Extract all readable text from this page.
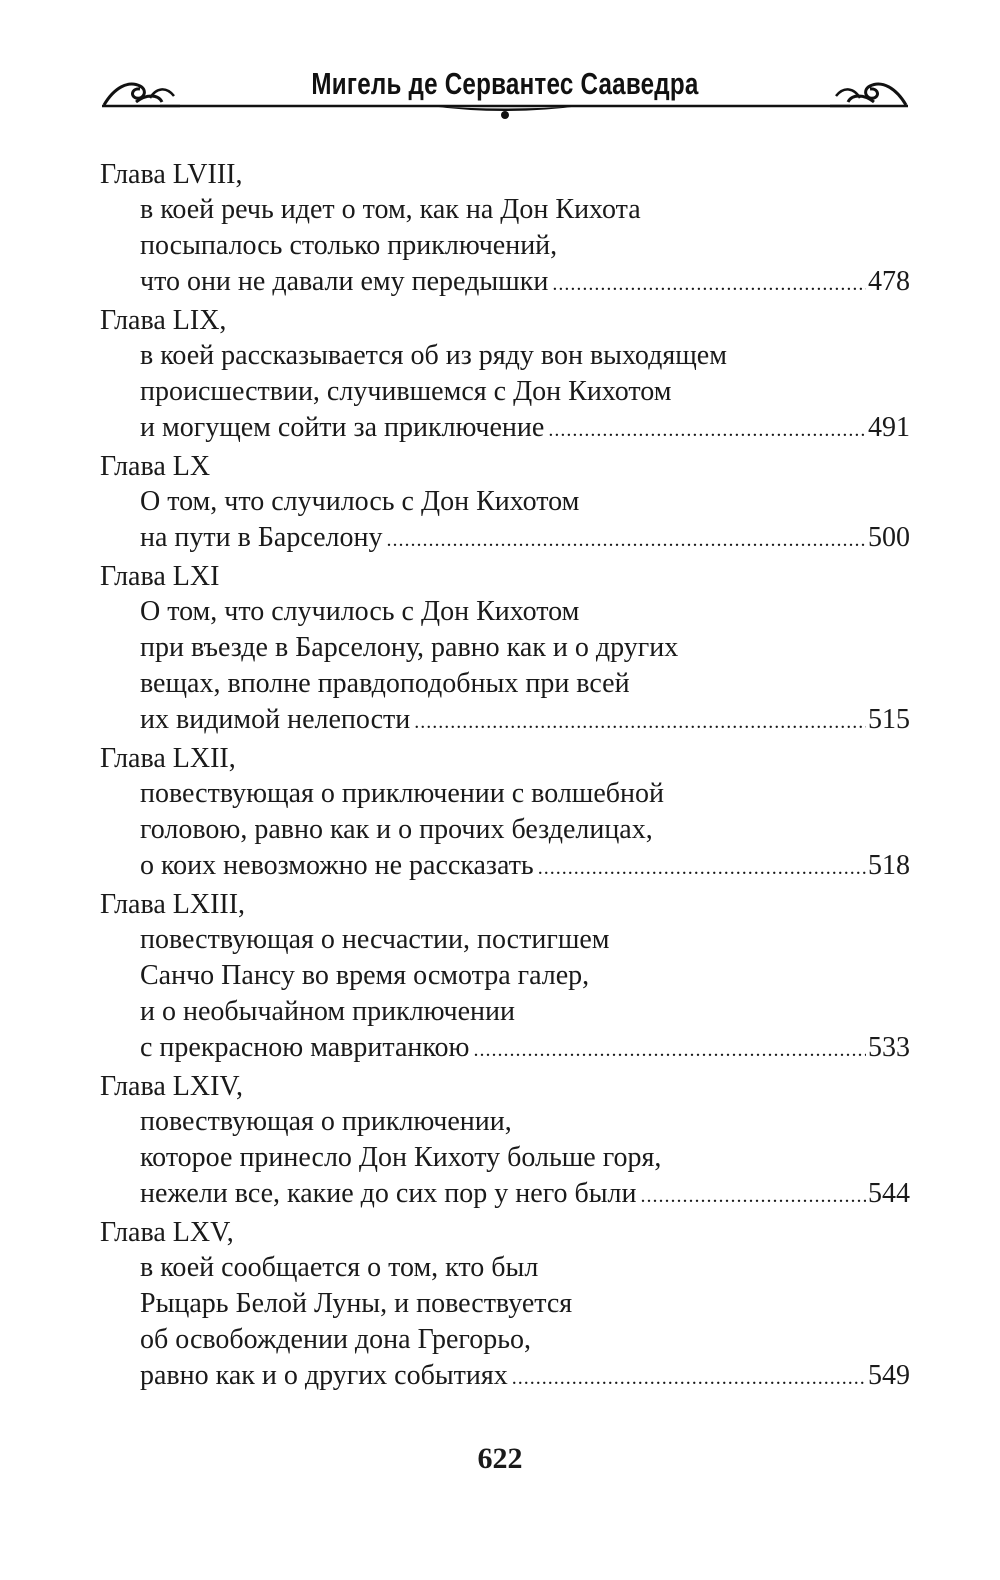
Мигель де Сервантес Сааведра
Глава LVIII,
в коей речь идет о том, как на Дон Кихота
посыпалось столько приключений,
что они не давали ему передышки .....	478
Глава LIX,
в коей рассказывается об из ряду вон выходящем
происшествии, случившемся с Дон Кихотом
и могущем сойти за приключение .....	491
Глава LX
О том, что случилось с Дон Кихотом
на пути в Барселону .....	500
Глава LXI
О том, что случилось с Дон Кихотом
при въезде в Барселону, равно как и о других
вещах, вполне правдоподобных при всей
их видимой нелепости .....	515
Глава LXII,
повествующая о приключении с волшебной
головою, равно как и о прочих безделицах,
о коих невозможно не рассказать .....	518
Глава LXIII,
повествующая о несчастии, постигшем
Санчо Пансу во время осмотра галер,
и о необычайном приключении
с прекрасною мавританкою .....	533
Глава LXIV,
повествующая о приключении,
которое принесло Дон Кихоту больше горя,
нежели все, какие до сих пор у него были .....	544
Глава LXV,
в коей сообщается о том, кто был
Рыцарь Белой Луны, и повествуется
об освобождении дона Грегорьо,
равно как и о других событиях .....	549
622
